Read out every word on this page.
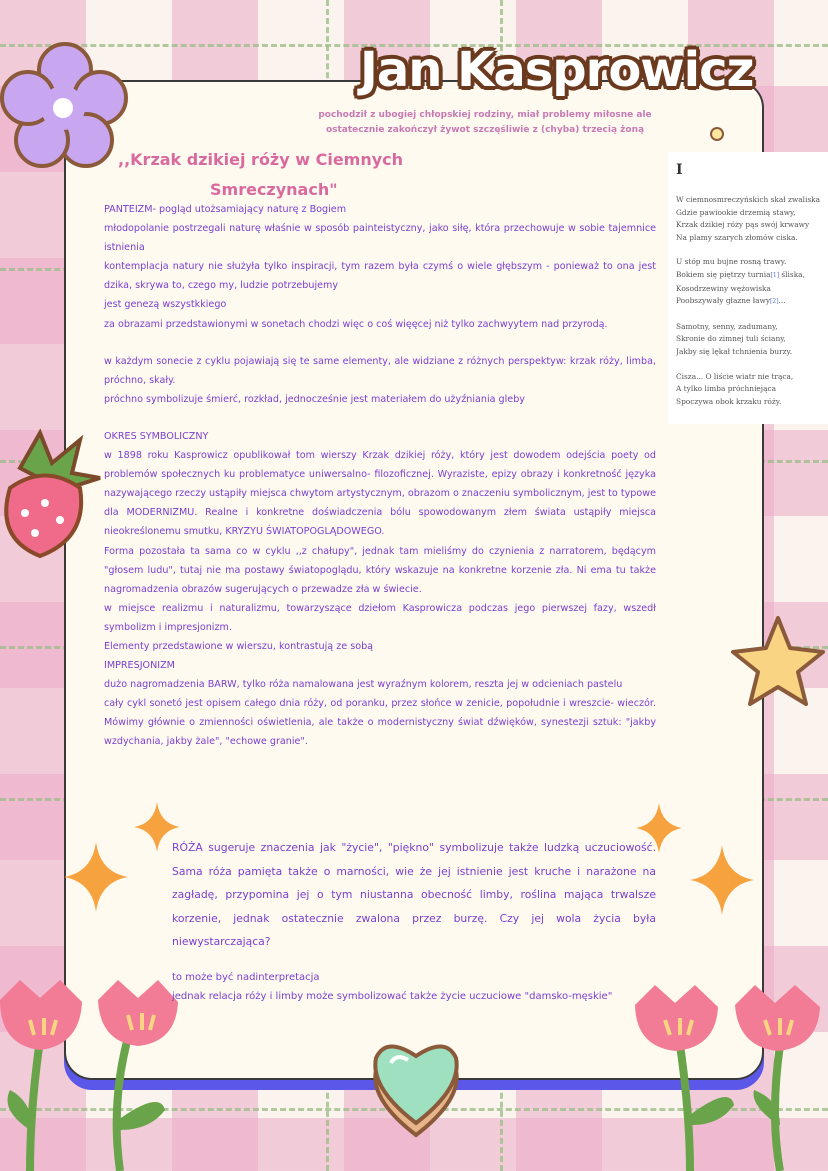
Jan Kasprowicz
pochodził z ubogiej chłopskiej rodziny, miał problemy miłosne ale ostatecznie zakończył żywot szczęśliwie z (chyba) trzecią żoną
,,Krzak dzikiej róży w Ciemnych
Smreczynach"
I
W ciemnosmreczyńskich skał zwaliska
Gdzie pawiookie drzemią stawy,
Krzak dzikiej róży pąs swój krwawy
Na plamy szarych złomów ciska.
U stóp mu bujne rosną trawy.
Bokiem się piętrzy turnia[1] śliska,
Kosodrzewiny wężowiska
Poobszywały głazne ławy[2]...
Samotny, senny, zadumany,
Skronie do zimnej tuli ściany,
Jakby się lękał tchnienia burzy.
Cisza... O liście wiatr nie trąca,
A tylko limba próchniejąca
Spoczywa obok krzaku róży.

PANTEIZM- pogląd utożsamiający naturę z Bogiem

młodopolanie postrzegali naturę właśnie w sposób painteistyczny, jako siłę, która przechowuje w sobie tajemnice istnienia

kontemplacja natury nie służyła tylko inspiracji, tym razem była czymś o wiele głębszym - ponieważ to ona jest dzika, skrywa to, czego my, ludzie potrzebujemy

jest genezą wszystkkiego

za obrazami przedstawionymi w sonetach chodzi więc o coś więęcej niż tylko zachwyytem nad przyrodą.

w każdym sonecie z cyklu pojawiają się te same elementy, ale widziane z różnych perspektyw: krzak róży, limba, próchno, skały.

próchno symbolizuje śmierć, rozkład, jednocześnie jest materiałem do użyźniania gleby

OKRES SYMBOLICZNY

w 1898 roku Kasprowicz opublikował tom wierszy Krzak dzikiej róży, który jest dowodem odejścia poety od problemów społecznych ku problematyce uniwersalno- filozoficznej. Wyraziste, epizy obrazy i konkretność języka nazywającego rzeczy ustąpiły miejsca chwytom artystycznym, obrazom o znaczeniu symbolicznym, jest to typowe dla MODERNIZMU. Realne i konkretne doświadczenia bólu spowodowanym złem świata ustąpiły miejsca nieokreślonemu smutku, KRYZYU ŚWIATOPOGLĄDOWEGO.

Forma pozostała ta sama co w cyklu ,,z chałupy", jednak tam mieliśmy do czynienia z narratorem, będącym "głosem ludu", tutaj nie ma postawy światopoglądu, który wskazuje na konkretne korzenie zła. Ni ema tu także nagromadzenia obrazów sugerujących o przewadze zła w świecie.

w miejsce realizmu i naturalizmu, towarzyszące dziełom Kasprowicza podczas jego pierwszej fazy, wszedł symbolizm i impresjonizm.

Elementy przedstawione w wierszu, kontrastują ze sobą

IMPRESJONIZM

dużo nagromadzenia BARW, tylko róża namalowana jest wyraźnym kolorem, reszta jej w odcieniach pastelu

cały cykl sonetó jest opisem całego dnia róży, od poranku, przez słońce w zenicie, popołudnie i wreszcie- wieczór. Mówimy głównie o zmienności oświetlenia, ale także o modernistyczny świat dźwięków, synestezji sztuk: "jakby wzdychania, jakby żale", "echowe granie".

RÓŻA sugeruje znaczenia jak "życie", "piękno" symbolizuje także ludzką uczuciowość. Sama róża pamięta także o marności, wie że jej istnienie jest kruche i narażone na zagładę, przypomina jej o tym niustanna obecność limby, roślina mająca trwalsze korzenie, jednak ostatecznie zwalona przez burzę. Czy jej wola życia była niewystarczająca?

to może być nadinterpretacja

jednak relacja róży i limby może symbolizować także życie uczuciowe "damsko-męskie"
